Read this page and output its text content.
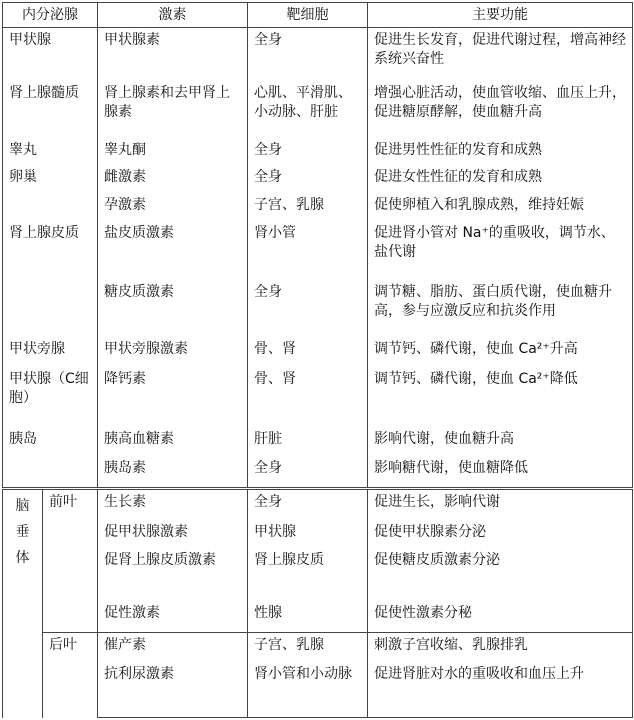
内分泌腺		激素	靶细胞	主要功能
甲状腺		甲状腺素	全身	促进生长发育，促进代谢过程，增高神经系统兴奋性
肾上腺髓质		肾上腺素和去甲肾上腺素	心肌、平滑肌、小动脉、肝脏	增强心脏活动，使血管收缩、血压上升，促进糖原酵解，使血糖升高
睾丸		睾丸酮	全身	促进男性性征的发育和成熟
卵巢		雌激素	全身	促进女性性征的发育和成熟
		孕激素	子宫、乳腺	促使卵植入和乳腺成熟，维持妊娠
肾上腺皮质		盐皮质激素	肾小管	促进肾小管对 Na⁺的重吸收，调节水、盐代谢
		糖皮质激素	全身	调节糖、脂肪、蛋白质代谢，使血糖升高，参与应激反应和抗炎作用
甲状旁腺		甲状旁腺激素	骨、肾	调节钙、磷代谢，使血 Ca²⁺升高
甲状腺（C细胞）		降钙素	骨、肾	调节钙、磷代谢，使血 Ca²⁺降低
胰岛		胰高血糖素	肝脏	影响代谢，使血糖升高
		胰岛素	全身	影响糖代谢，使血糖降低

脑垂体	前叶	生长素	全身	促进生长，影响代谢
		促甲状腺激素	甲状腺	促使甲状腺素分泌
		促肾上腺皮质激素	肾上腺皮质	促使糖皮质激素分泌
		促性激素	性腺	促使性激素分秘
	后叶	催产素	子宫、乳腺	刺激子宫收缩、乳腺排乳
		抗利尿激素	肾小管和小动脉	促进肾脏对水的重吸收和血压上升
